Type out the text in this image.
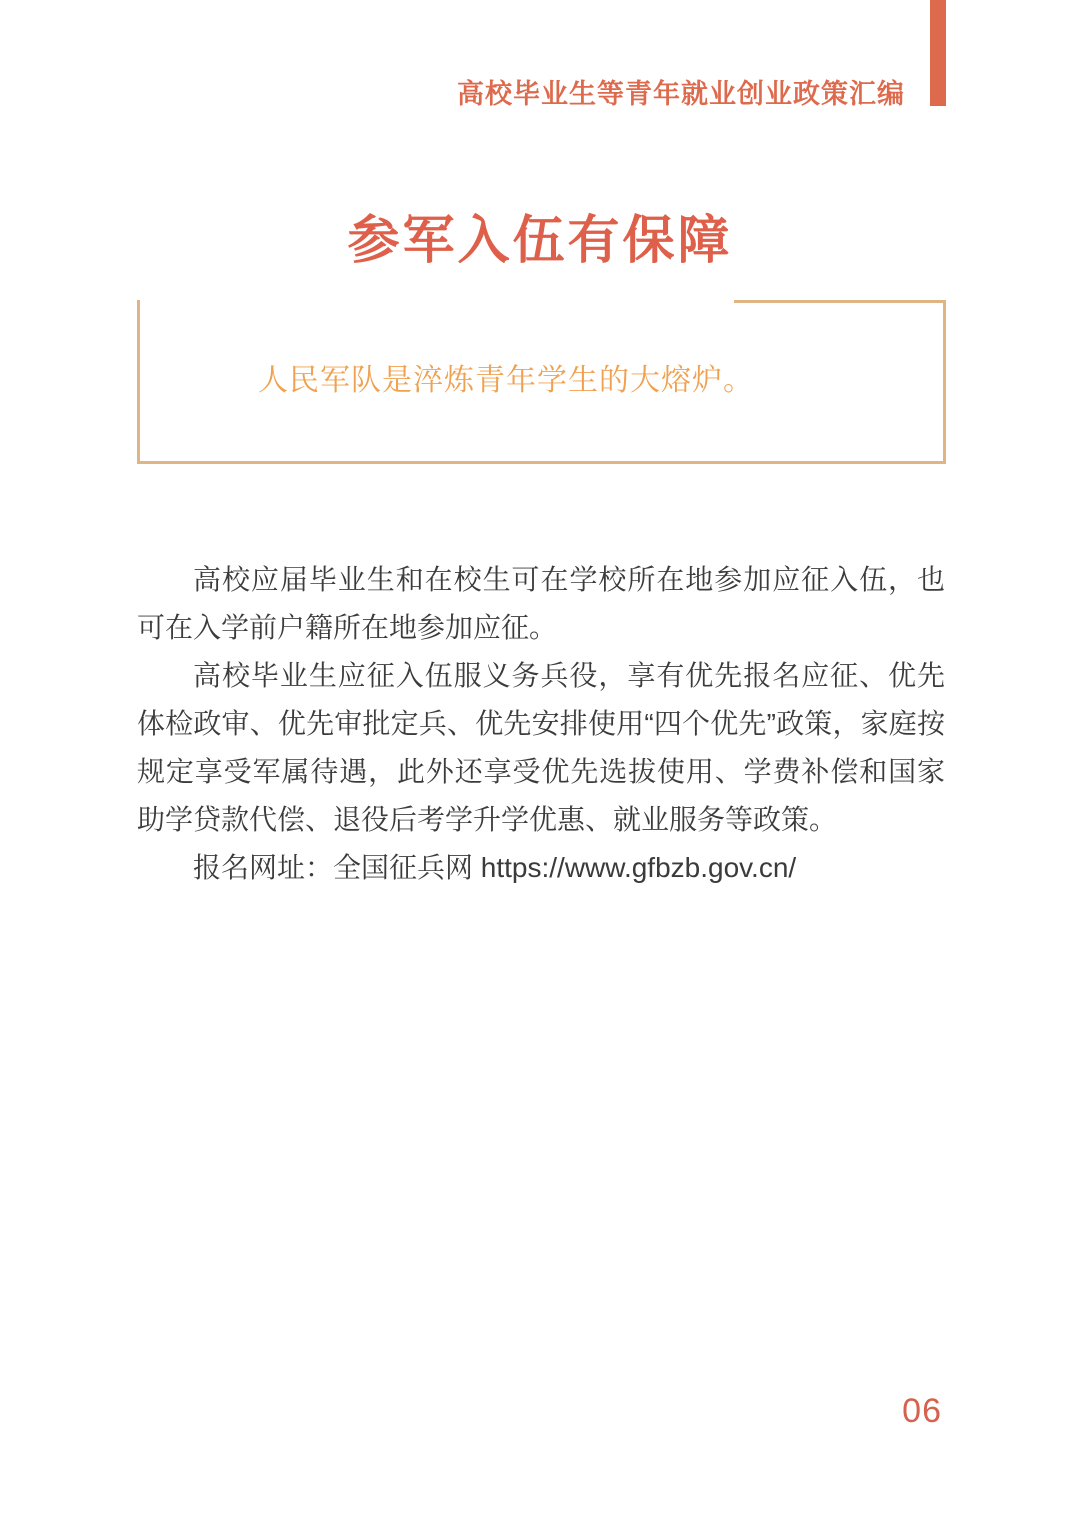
高校毕业生等青年就业创业政策汇编
参军入伍有保障

人民军队是淬炼青年学生的大熔炉。

高校应届毕业生和在校生可在学校所在地参加应征入伍，也可在入学前户籍所在地参加应征。

高校毕业生应征入伍服义务兵役，享有优先报名应征、优先体检政审、优先审批定兵、优先安排使用“四个优先”政策，家庭按规定享受军属待遇，此外还享受优先选拔使用、学费补偿和国家助学贷款代偿、退役后考学升学优惠、就业服务等政策。

报名网址：全国征兵网 https://www.gfbzb.gov.cn/

06
